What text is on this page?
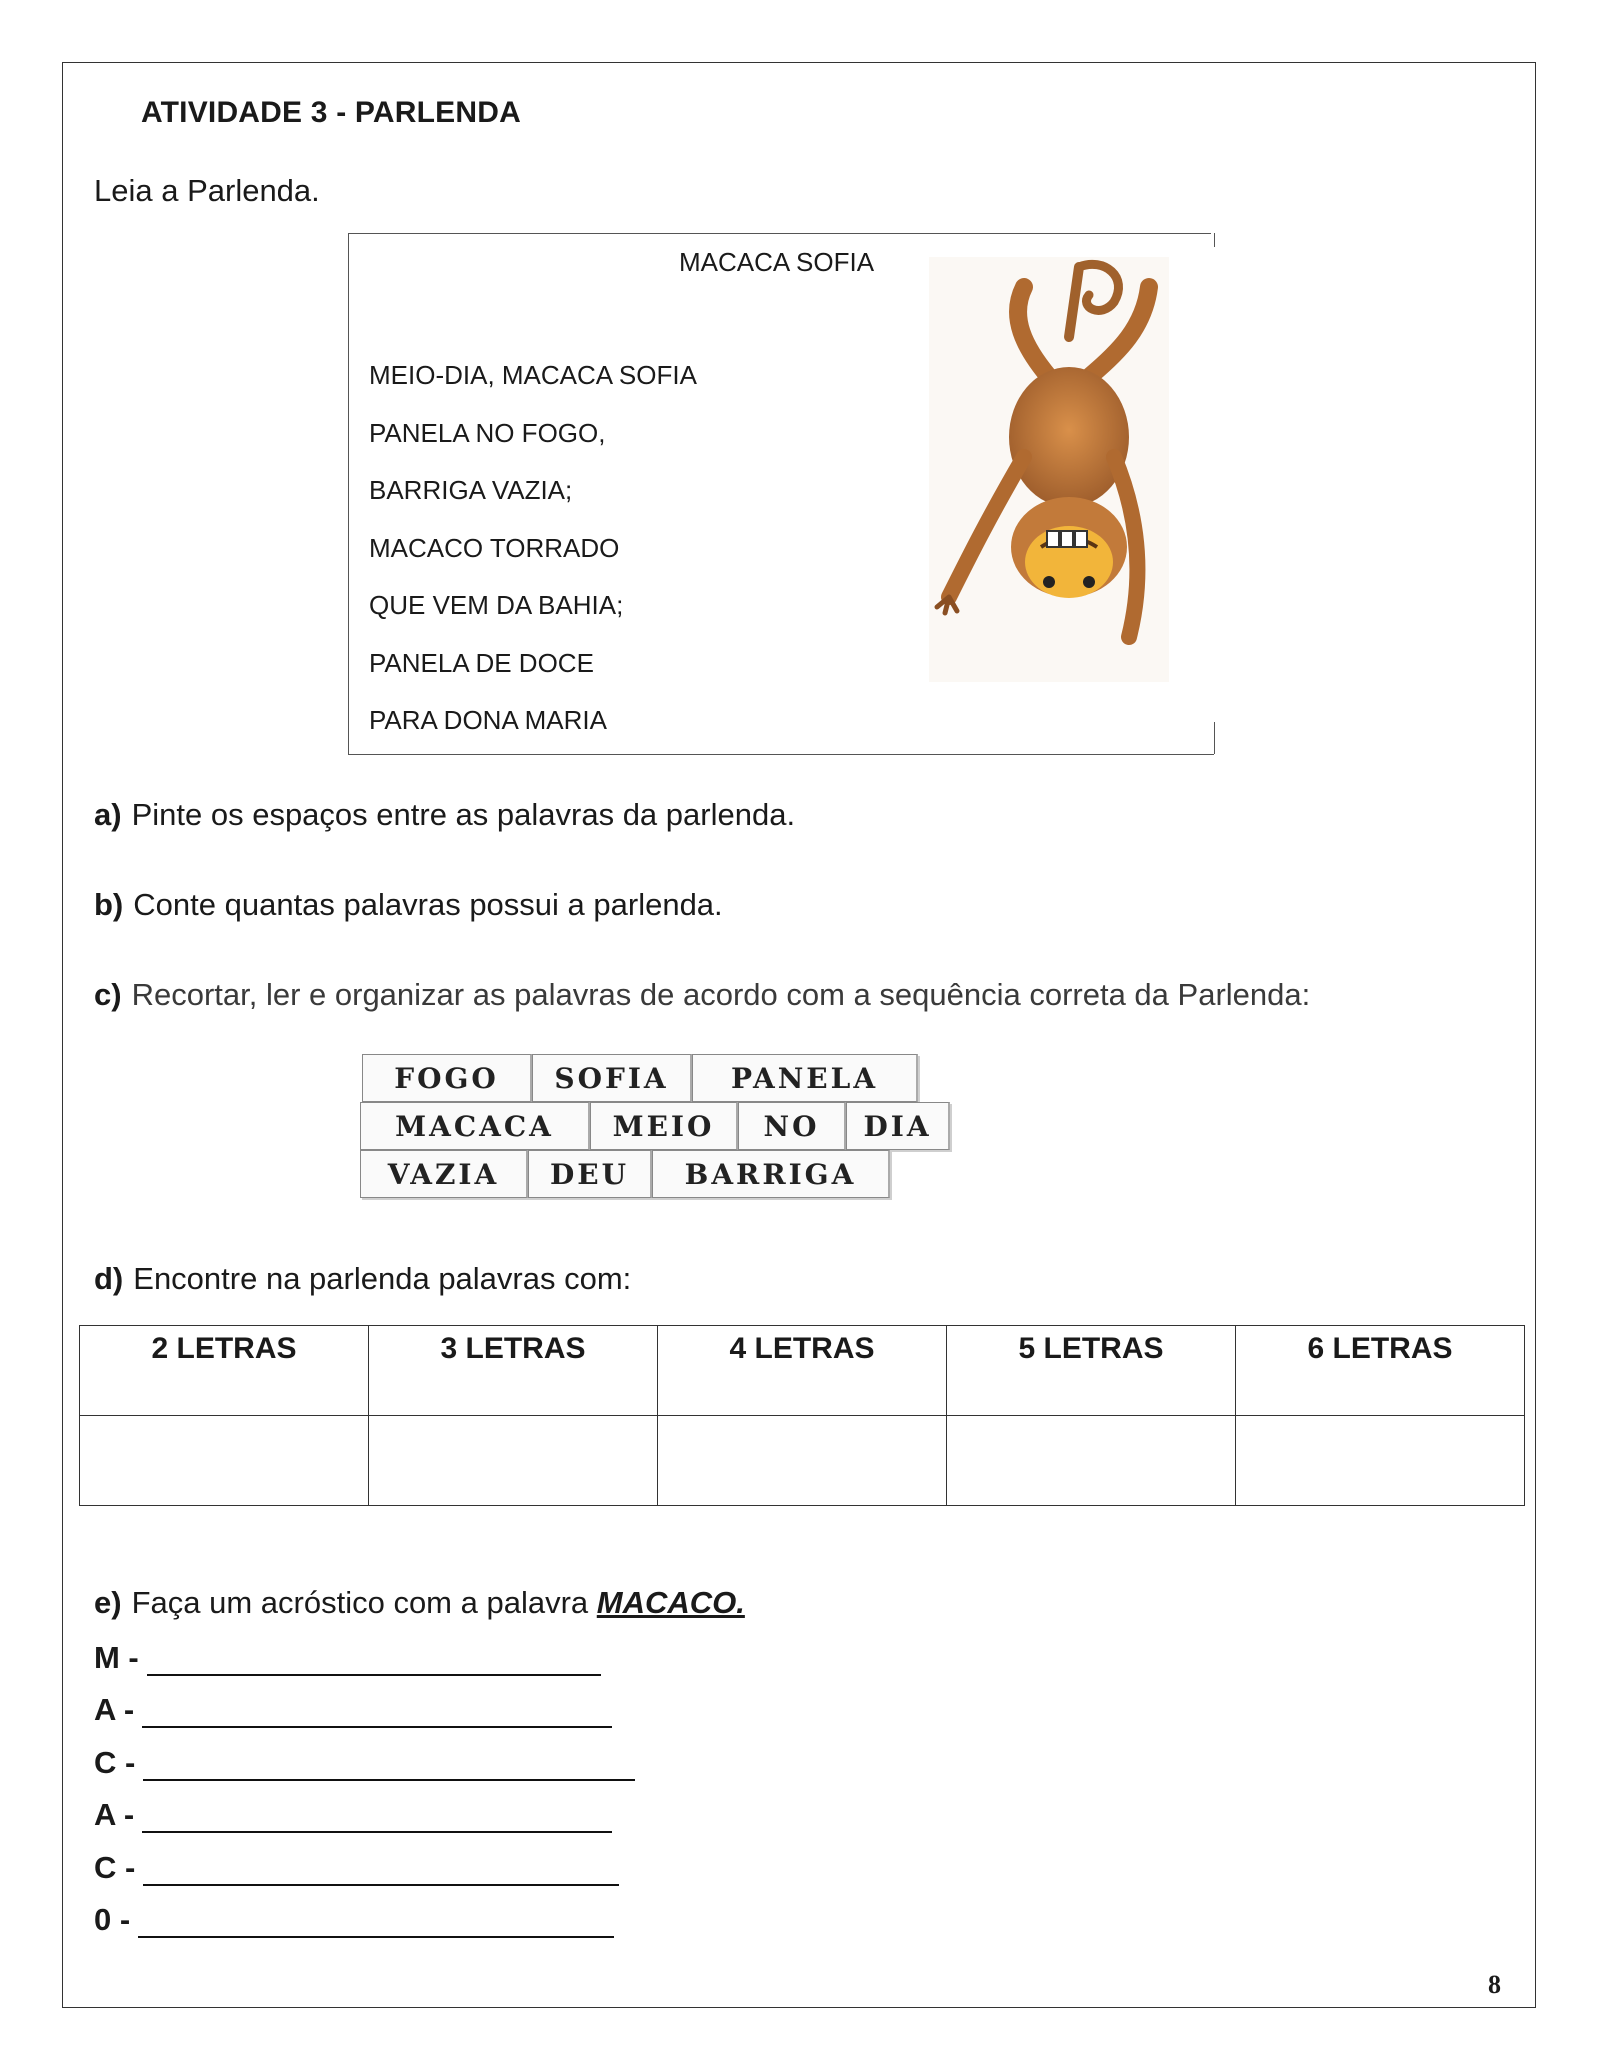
ATIVIDADE 3 - PARLENDA
Leia a Parlenda.
MACACA SOFIA
MEIO-DIA, MACACA SOFIA
PANELA NO FOGO,
BARRIGA VAZIA;
MACACO TORRADO
QUE VEM DA BAHIA;
PANELA DE DOCE
PARA DONA MARIA
a) Pinte os espaços entre as palavras da parlenda.
b) Conte quantas palavras possui a parlenda.
c) Recortar, ler e organizar as palavras de acordo com a sequência correta da Parlenda:
FOGO	SOFIA	PANELA
MACACA	MEIO	NO	DIA
VAZIA	DEU	BARRIGA
d) Encontre na parlenda palavras com:
2 LETRAS	3 LETRAS	4 LETRAS	5 LETRAS	6 LETRAS

e) Faça um acróstico com a palavra MACACO.
M -
A -
C -
A -
C -
0 -
8
